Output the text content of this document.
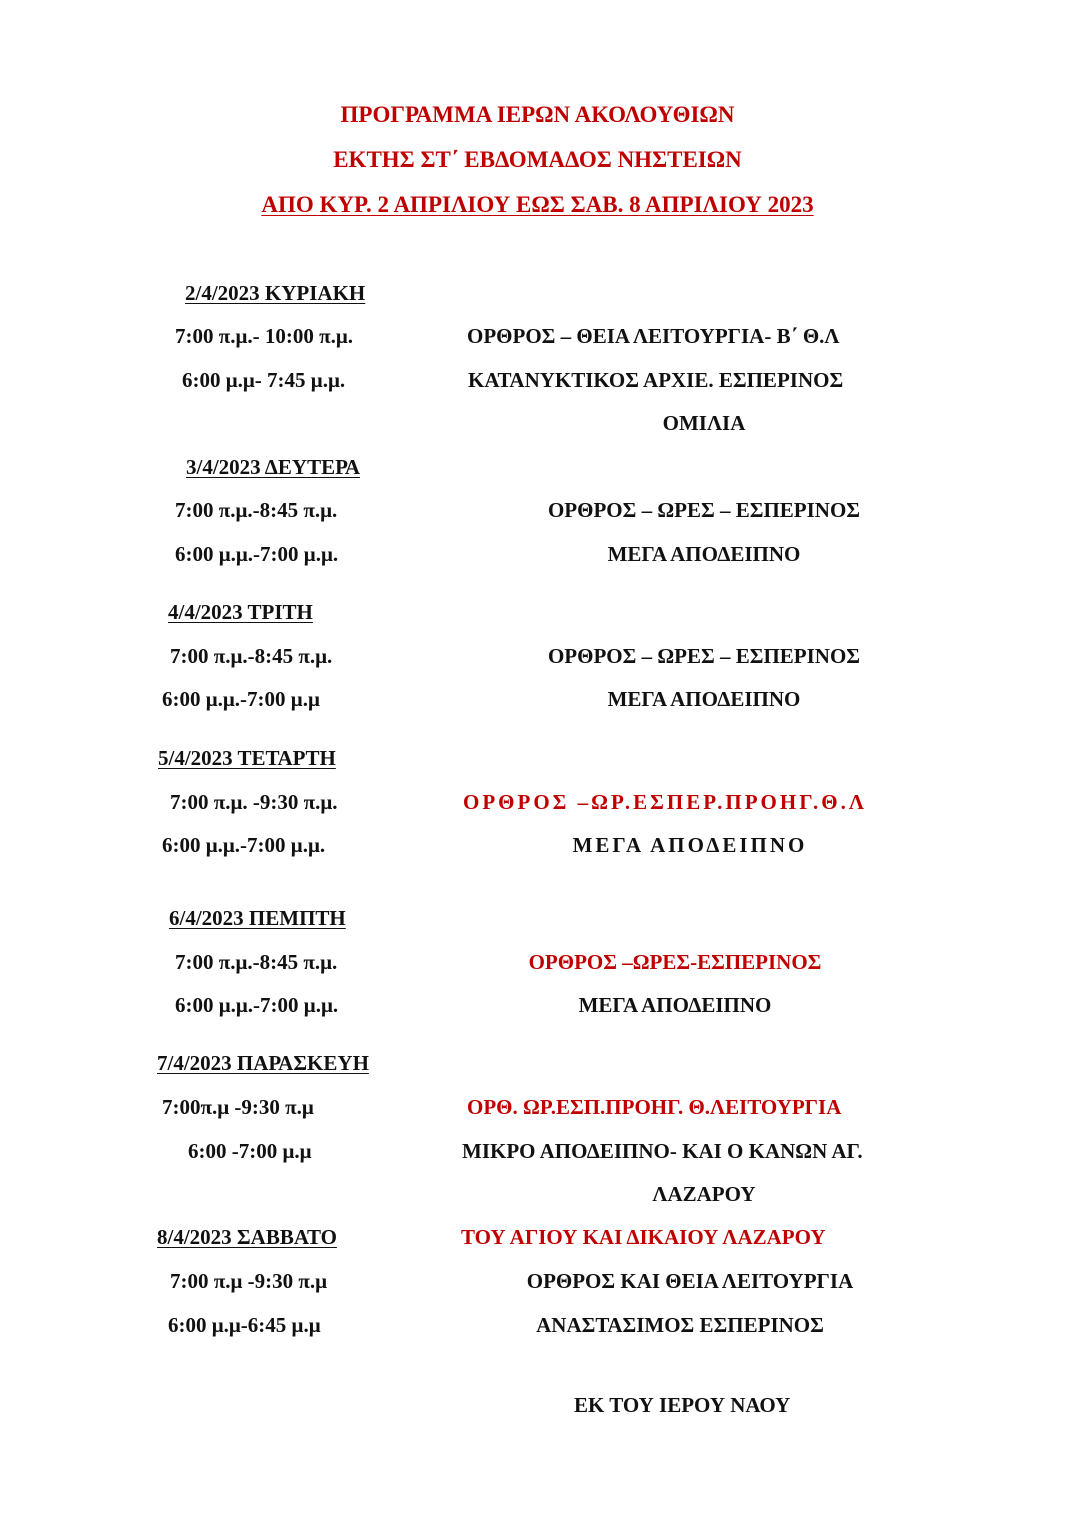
ΠΡΟΓΡΑΜΜΑ ΙΕΡΩΝ ΑΚΟΛΟΥΘΙΩΝ
ΕΚΤΗΣ ΣΤ΄ ΕΒΔΟΜΑΔΟΣ ΝΗΣΤΕΙΩΝ
ΑΠΟ ΚΥΡ. 2 ΑΠΡΙΛΙΟΥ ΕΩΣ ΣΑΒ. 8 ΑΠΡΙΛΙΟΥ 2023
2/4/2023 ΚΥΡΙΑΚΗ
7:00 π.μ.- 10:00 π.μ.	ΟΡΘΡΟΣ – ΘΕΙΑ ΛΕΙΤΟΥΡΓΙΑ- Β΄ Θ.Λ
6:00 μ.μ- 7:45 μ.μ.	ΚΑΤΑΝΥΚΤΙΚΟΣ ΑΡΧΙΕ. ΕΣΠΕΡΙΝΟΣ
ΟΜΙΛΙΑ
3/4/2023 ΔΕΥΤΕΡΑ
7:00 π.μ.-8:45 π.μ.	ΟΡΘΡΟΣ – ΩΡΕΣ – ΕΣΠΕΡΙΝΟΣ
6:00 μ.μ.-7:00 μ.μ.	ΜΕΓΑ ΑΠΟΔΕΙΠΝΟ
4/4/2023 ΤΡΙΤΗ
7:00 π.μ.-8:45 π.μ.	ΟΡΘΡΟΣ – ΩΡΕΣ – ΕΣΠΕΡΙΝΟΣ
6:00 μ.μ.-7:00 μ.μ	ΜΕΓΑ ΑΠΟΔΕΙΠΝΟ
5/4/2023 ΤΕΤΑΡΤΗ
7:00 π.μ. -9:30 π.μ.	ΟΡΘΡΟΣ –ΩΡ.ΕΣΠΕΡ.ΠΡΟΗΓ.Θ.Λ
6:00 μ.μ.-7:00 μ.μ.	ΜΕΓΑ ΑΠΟΔΕΙΠΝΟ
6/4/2023 ΠΕΜΠΤΗ
7:00 π.μ.-8:45 π.μ.	ΟΡΘΡΟΣ –ΩΡΕΣ-ΕΣΠΕΡΙΝΟΣ
6:00 μ.μ.-7:00 μ.μ.	ΜΕΓΑ ΑΠΟΔΕΙΠΝΟ
7/4/2023 ΠΑΡΑΣΚΕΥΗ
7:00π.μ -9:30 π.μ	ΟΡΘ. ΩΡ.ΕΣΠ.ΠΡΟΗΓ. Θ.ΛΕΙΤΟΥΡΓΙΑ
6:00 -7:00 μ.μ	ΜΙΚΡΟ ΑΠΟΔΕΙΠΝΟ- ΚΑΙ Ο ΚΑΝΩΝ ΑΓ.
ΛΑΖΑΡΟΥ
8/4/2023 ΣΑΒΒΑΤΟ	ΤΟΥ ΑΓΙΟΥ ΚΑΙ ΔΙΚΑΙΟΥ ΛΑΖΑΡΟΥ
7:00 π.μ -9:30 π.μ	ΟΡΘΡΟΣ ΚΑΙ ΘΕΙΑ ΛΕΙΤΟΥΡΓΙΑ
6:00 μ.μ-6:45 μ.μ	ΑΝΑΣΤΑΣΙΜΟΣ ΕΣΠΕΡΙΝΟΣ
ΕΚ ΤΟΥ ΙΕΡΟΥ ΝΑΟΥ
